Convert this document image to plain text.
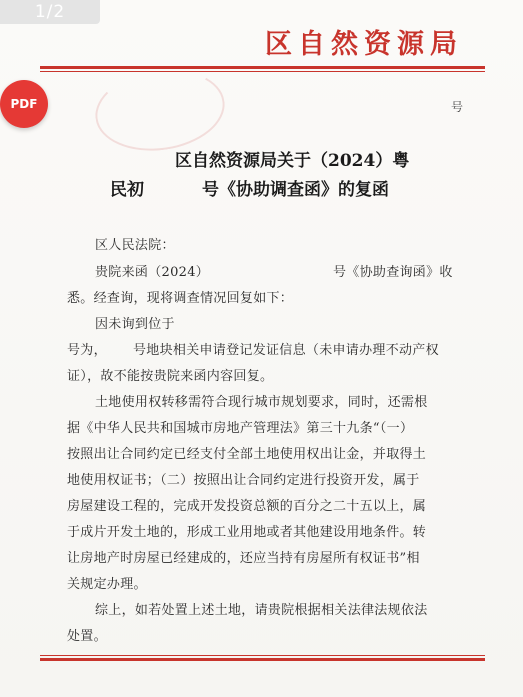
区自然资源局
号
区自然资源局关于（2024）粤
民初	号《协助调查函》的复函
区人民法院：
贵院来函（2024）	号《协助查询函》收
悉。经查询，现将调查情况回复如下：
因未询到位于
号为， 号地块相关申请登记发证信息（未申请办理不动产权
证），故不能按贵院来函内容回复。
土地使用权转移需符合现行城市规划要求，同时，还需根
据《中华人民共和国城市房地产管理法》第三十九条“（一）
按照出让合同约定已经支付全部土地使用权出让金，并取得土
地使用权证书；（二）按照出让合同约定进行投资开发，属于
房屋建设工程的，完成开发投资总额的百分之二十五以上，属
于成片开发土地的，形成工业用地或者其他建设用地条件。转
让房地产时房屋已经建成的，还应当持有房屋所有权证书”相
关规定办理。
综上，如若处置上述土地，请贵院根据相关法律法规依法
处置。
1/2
PDF
